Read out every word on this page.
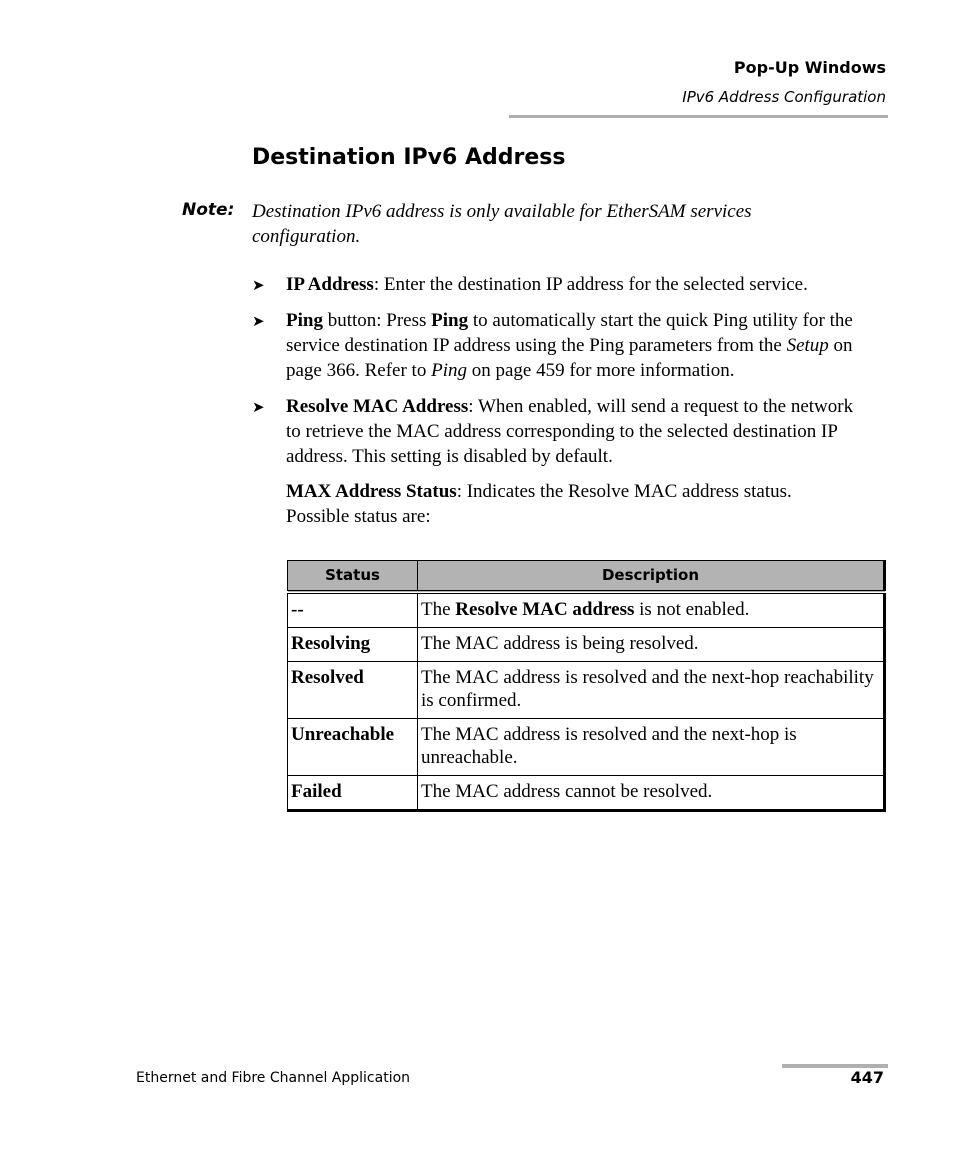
Pop-Up Windows
IPv6 Address Configuration
Destination IPv6 Address
Note: Destination IPv6 address is only available for EtherSAM services configuration.
➤	IP Address: Enter the destination IP address for the selected service.
➤	Ping button: Press Ping to automatically start the quick Ping utility for the service destination IP address using the Ping parameters from the Setup on page 366. Refer to Ping on page 459 for more information.
➤	Resolve MAC Address: When enabled, will send a request to the network to retrieve the MAC address corresponding to the selected destination IP address. This setting is disabled by default.
MAX Address Status: Indicates the Resolve MAC address status. Possible status are:
Status	Description
--	The Resolve MAC address is not enabled.
Resolving	The MAC address is being resolved.
Resolved	The MAC address is resolved and the next-hop reachability is confirmed.
Unreachable	The MAC address is resolved and the next-hop is unreachable.
Failed	The MAC address cannot be resolved.
Ethernet and Fibre Channel Application	447
